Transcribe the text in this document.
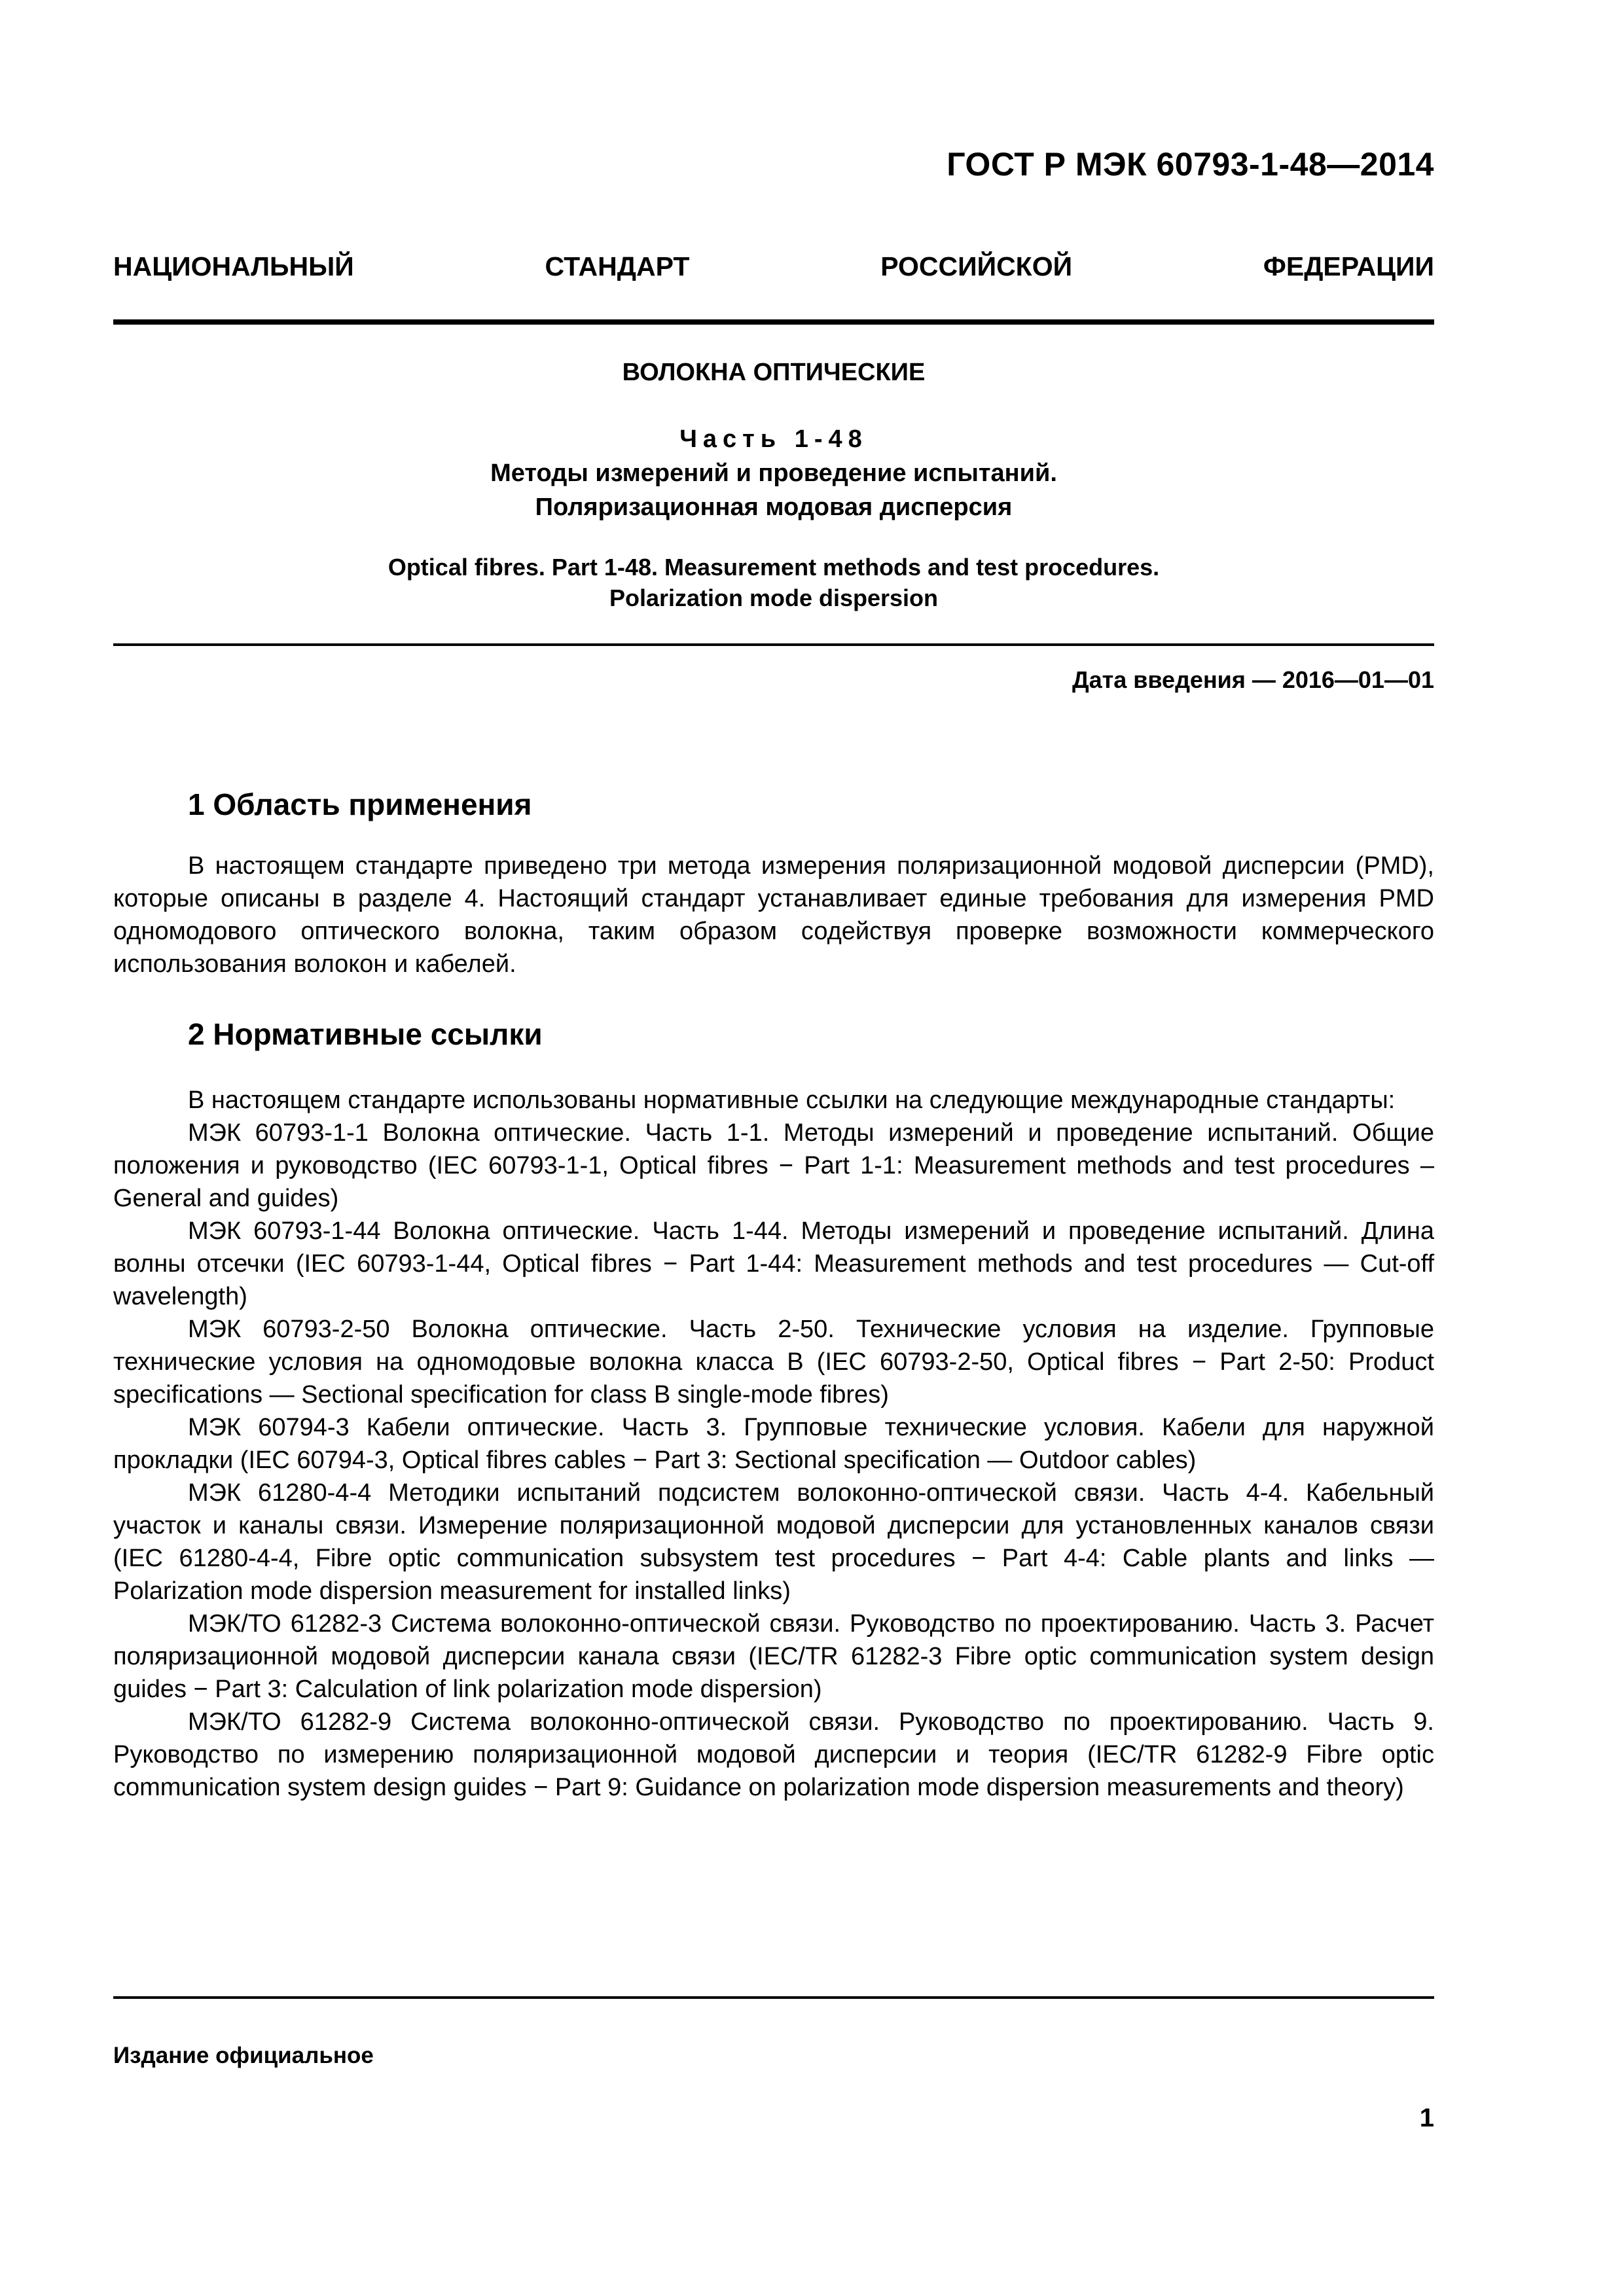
ГОСТ Р МЭК 60793-1-48—2014
НАЦИОНАЛЬНЫЙ СТАНДАРТ РОССИЙСКОЙ ФЕДЕРАЦИИ
ВОЛОКНА ОПТИЧЕСКИЕ
Часть 1-48
Методы измерений и проведение испытаний.
Поляризационная модовая дисперсия
Optical fibres. Part 1-48. Measurement methods and test procedures.
Polarization mode dispersion
Дата введения — 2016—01—01
1 Область применения

В настоящем стандарте приведено три метода измерения поляризационной модовой дисперсии (PMD), которые описаны в разделе 4. Настоящий стандарт устанавливает единые требования для измерения PMD одномодового оптического волокна, таким образом содействуя проверке возможности коммерческого использования волокон и кабелей.

2 Нормативные ссылки

В настоящем стандарте использованы нормативные ссылки на следующие международные стандарты:

МЭК 60793-1-1 Волокна оптические. Часть 1-1. Методы измерений и проведение испытаний. Общие положения и руководство (IEC 60793-1-1, Optical fibres − Part 1-1: Measurement methods and test procedures –General and guides)

МЭК 60793-1-44 Волокна оптические. Часть 1-44. Методы измерений и проведение испытаний. Длина волны отсечки (IEC 60793-1-44, Optical fibres − Part 1-44: Measurement methods and test procedures — Cut-off wavelength)

МЭК 60793-2-50 Волокна оптические. Часть 2-50. Технические условия на изделие. Групповые технические условия на одномодовые волокна класса B (IEC 60793-2-50, Optical fibres − Part 2-50: Product specifications — Sectional specification for class B single-mode fibres)

МЭК 60794-3 Кабели оптические. Часть 3. Групповые технические условия. Кабели для наружной прокладки (IEC 60794-3, Optical fibres cables − Part 3: Sectional specification — Outdoor cables)

МЭК 61280-4-4 Методики испытаний подсистем волоконно-оптической связи. Часть 4-4. Кабельный участок и каналы связи. Измерение поляризационной модовой дисперсии для установленных каналов связи (IEC 61280-4-4, Fibre optic communication subsystem test procedures − Part 4-4: Cable plants and links — Polarization mode dispersion measurement for installed links)

МЭК/ТО 61282-3 Система волоконно-оптической связи. Руководство по проектированию. Часть 3. Расчет поляризационной модовой дисперсии канала связи (IEC/TR 61282-3 Fibre optic communication system design guides − Part 3: Calculation of link polarization mode dispersion)

МЭК/ТО 61282-9 Система волоконно-оптической связи. Руководство по проектированию. Часть 9. Руководство по измерению поляризационной модовой дисперсии и теория (IEC/TR 61282-9 Fibre optic communication system design guides − Part 9: Guidance on polarization mode dispersion measurements and theory)

Издание официальное
1
